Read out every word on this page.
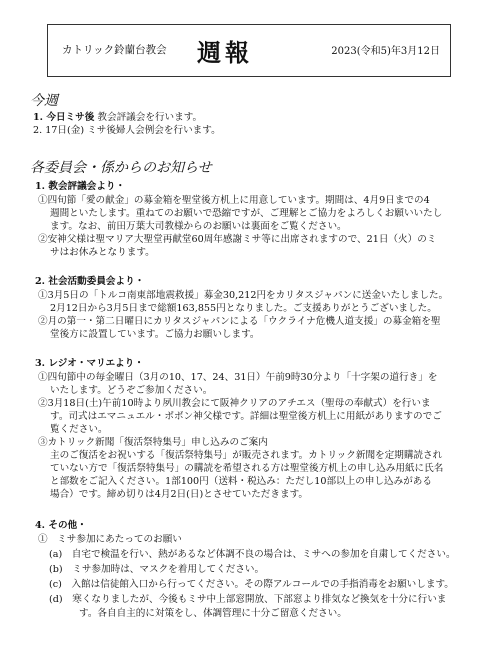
カトリック鈴蘭台教会 週報	2023(令和5)年3月12日
今週
1. 今日ミサ後 教会評議会を行います。
2. 17日(金) ミサ後婦人会例会を行います。
各委員会・係からのお知らせ
1. 教会評議会より・
①四旬節「愛の献金」の募金箱を聖堂後方机上に用意しています。期間は、4月9日までの4
週間といたします。重ねてのお願いで恐縮ですが、ご理解とご協力をよろしくお願いいたし
ます。なお、前田万葉大司教様からのお願いは裏面をご覧ください。
②安神父様は聖マリア大聖堂再献堂60周年感謝ミサ等に出席されますので、21日（火）のミ
サはお休みとなります。
2. 社会活動委員会より・
①3月5日の「トルコ南東部地震救援」募金30,212円をカリタスジャパンに送金いたしました。
2月12日から3月5日まで総額163,855円となりました。ご支援ありがとうございました。
②月の第一・第二日曜日にカリタスジャパンによる「ウクライナ危機人道支援」の募金箱を聖
堂後方に設置しています。ご協力お願いします。
3. レジオ・マリエより・
①四旬節中の毎金曜日（3月の10、17、24、31日）午前9時30分より「十字架の道行き」を
いたします。どうぞご参加ください。
②3月18日(土)午前10時より夙川教会にて阪神クリアのアチエス（聖母の奉献式）を行いま
す。司式はエマニュエル・ボボン神父様です。詳細は聖堂後方机上に用紙がありますのでご
覧ください。
③カトリック新聞「復活祭特集号」申し込みのご案内
主のご復活をお祝いする「復活祭特集号」が販売されます。カトリック新聞を定期購読され
ていない方で「復活祭特集号」の購読を希望される方は聖堂後方机上の申し込み用紙に氏名
と部数をご記入ください。1部100円（送料・税込み：ただし10部以上の申し込みがある
場合）です。締め切りは4月2日(日)とさせていただきます。
4. その他・
①　ミサ参加にあたってのお願い
(a)　自宅で検温を行い、熱があるなど体調不良の場合は、ミサへの参加を自粛してください。
(b)　ミサ参加時は、マスクを着用してください。
(c)　入館は信徒館入口から行ってください。その際アルコールでの手指消毒をお願いします。
(d)　寒くなりましたが、今後もミサ中上部窓開放、下部窓より排気など換気を十分に行いま
す。各自自主的に対策をし、体調管理に十分ご留意ください。
